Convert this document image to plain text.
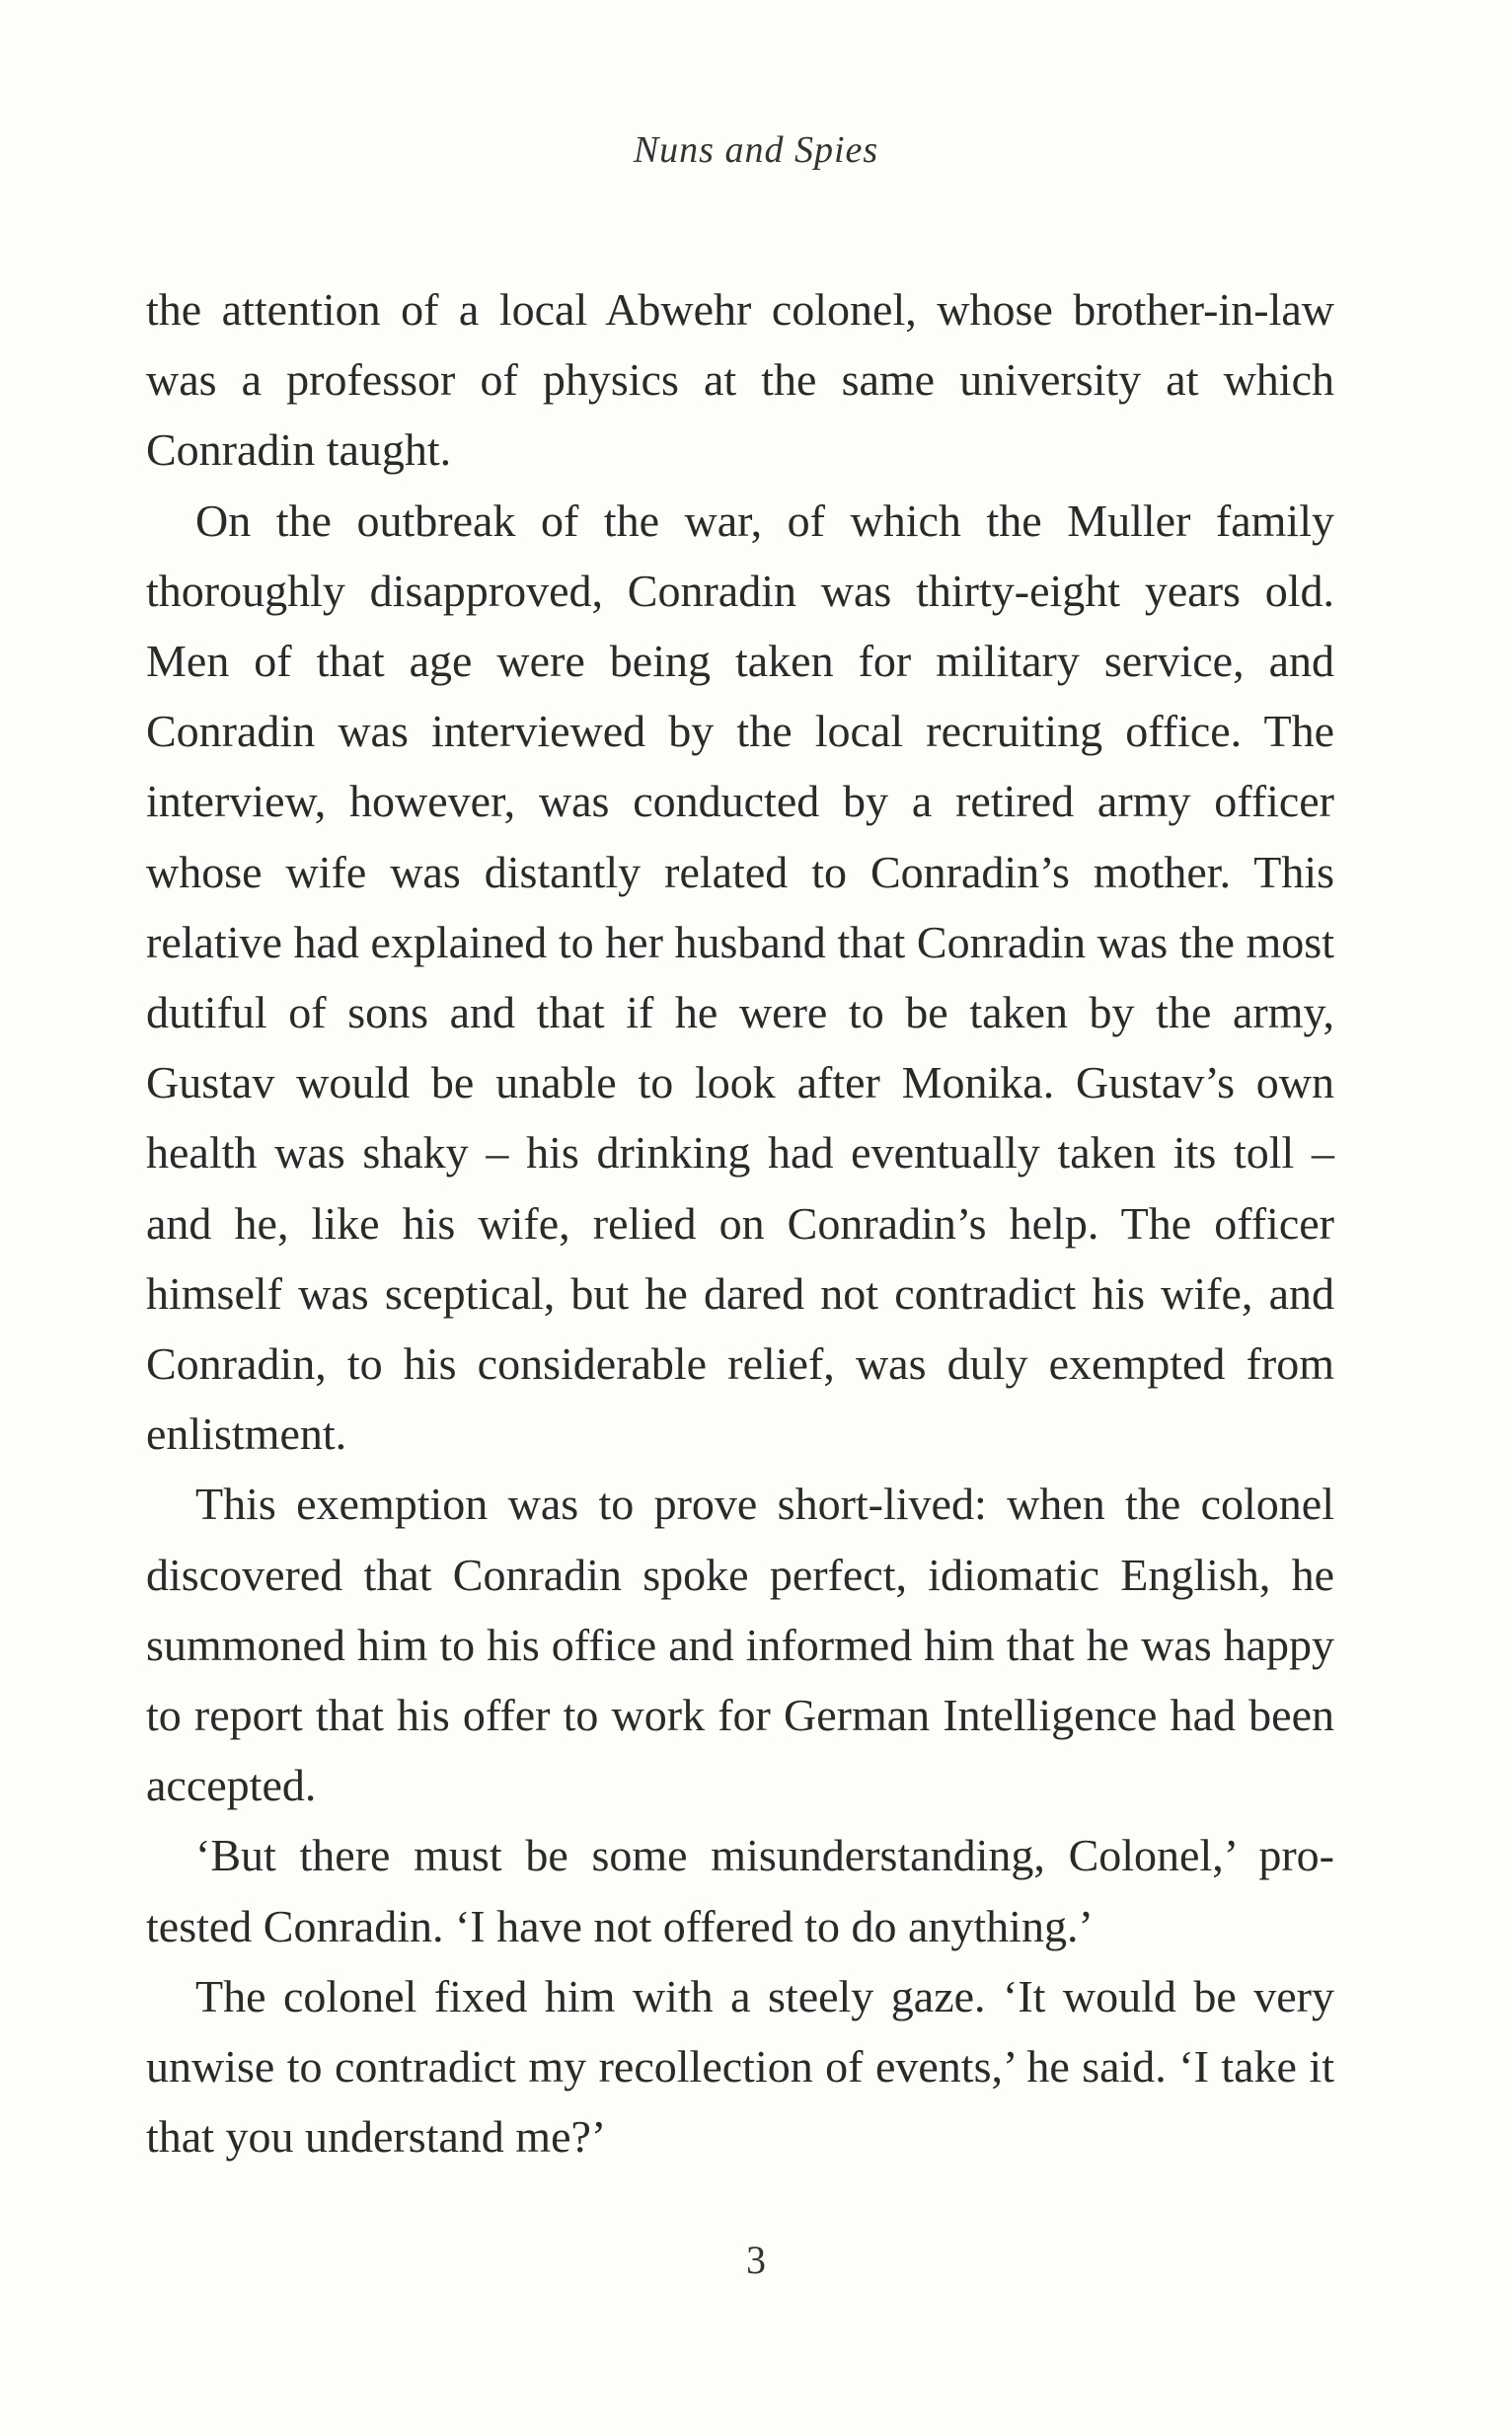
Nuns and Spies

the attention of a local Abwehr colonel, whose brother-in-law was a professor of physics at the same university at which Conradin taught.

On the outbreak of the war, of which the Muller family thoroughly disapproved, Conradin was thirty-eight years old. Men of that age were being taken for military service, and Conradin was interviewed by the local recruiting office. The interview, however, was conducted by a retired army officer whose wife was distantly related to Conradin’s mother. This relative had explained to her husband that Conradin was the most dutiful of sons and that if he were to be taken by the army, Gustav would be unable to look after Monika. Gustav’s own health was shaky – his drinking had eventually taken its toll – and he, like his wife, relied on Conradin’s help. The officer himself was sceptical, but he dared not contradict his wife, and Conradin, to his considerable relief, was duly exempted from enlistment.

This exemption was to prove short-lived: when the colonel discovered that Conradin spoke perfect, idiomatic English, he summoned him to his office and informed him that he was happy to report that his offer to work for German Intelligence had been accepted.

‘But there must be some misunderstanding, Colonel,’ pro-tested Conradin. ‘I have not offered to do anything.’

The colonel fixed him with a steely gaze. ‘It would be very unwise to contradict my recollection of events,’ he said. ‘I take it that you understand me?’

3
